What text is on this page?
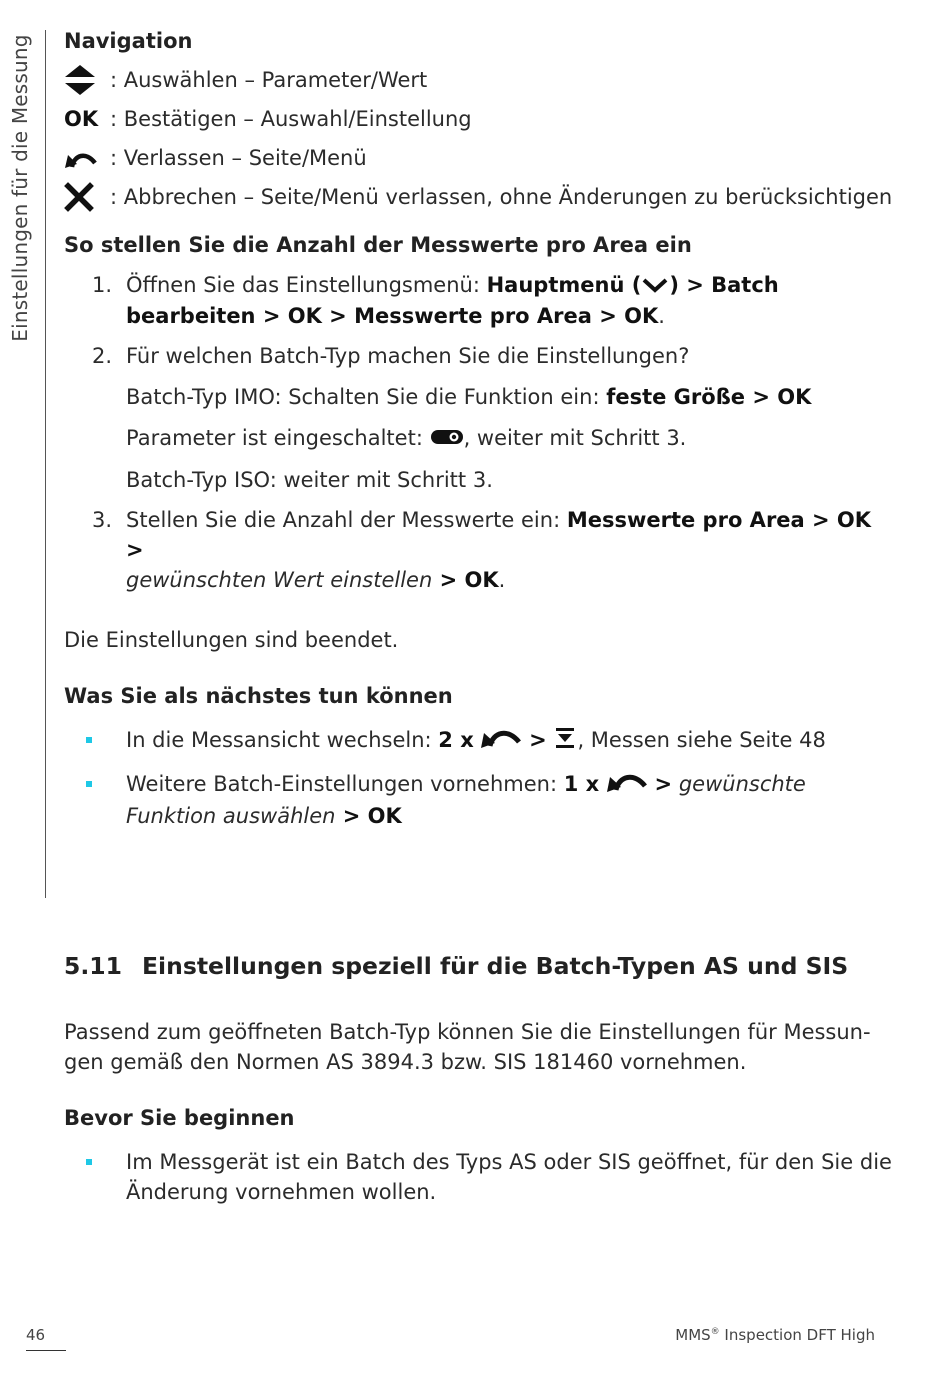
Einstellungen für die Messung Navigation
: Auswählen – Parameter/Wert
OK : Bestätigen – Auswahl/Einstellung
: Verlassen – Seite/Menü
: Abbrechen – Seite/Menü verlassen, ohne Änderungen zu berücksichtigen
So stellen Sie die Anzahl der Messwerte pro Area ein
1. Öffnen Sie das Einstellungsmenü: Hauptmenü ( ) > Batch bearbeiten > OK > Messwerte pro Area > OK.
2. Für welchen Batch-Typ machen Sie die Einstellungen?
Batch-Typ IMO: Schalten Sie die Funktion ein: feste Größe > OK
Parameter ist eingeschaltet: , weiter mit Schritt 3.
Batch-Typ ISO: weiter mit Schritt 3.
3. Stellen Sie die Anzahl der Messwerte ein: Messwerte pro Area > OK >
gewünschten Wert einstellen > OK.

Die Einstellungen sind beendet.

Was Sie als nächstes tun können
In die Messansicht wechseln: 2 x	> , Messen siehe Seite 48
Weitere Batch-Einstellungen vornehmen: 1 x	> gewünschte Funktion auswählen > OK
5.11 Einstellungen speziell für die Batch-Typen AS und SIS

Passend zum geöffneten Batch-Typ können Sie die Einstellungen für Messun-gen gemäß den Normen AS 3894.3 bzw. SIS 181460 vornehmen.

Bevor Sie beginnen
Im Messgerät ist ein Batch des Typs AS oder SIS geöffnet, für den Sie die Änderung vornehmen wollen.
46	MMS® Inspection DFT High
